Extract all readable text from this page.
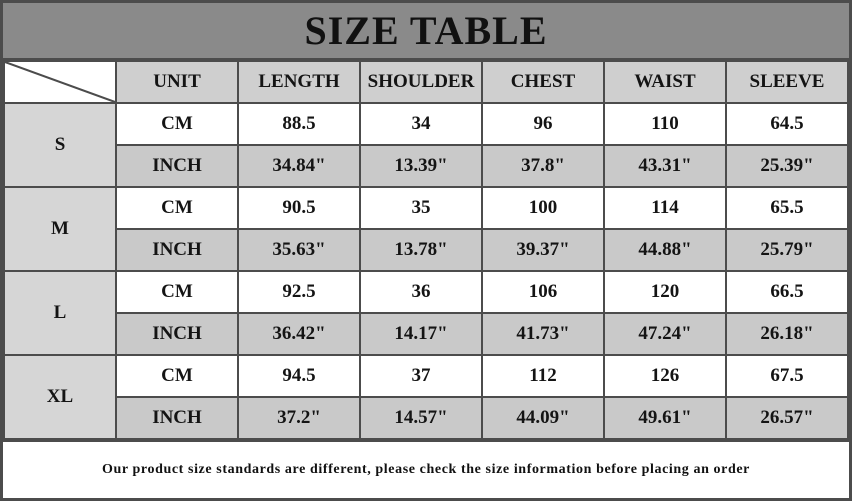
SIZE TABLE
	UNIT	LENGTH	SHOULDER	CHEST	WAIST	SLEEVE
S	CM	88.5	34	96	110	64.5
	INCH	34.84"	13.39"	37.8"	43.31"	25.39"
M	CM	90.5	35	100	114	65.5
	INCH	35.63"	13.78"	39.37"	44.88"	25.79"
L	CM	92.5	36	106	120	66.5
	INCH	36.42"	14.17"	41.73"	47.24"	26.18"
XL	CM	94.5	37	112	126	67.5
	INCH	37.2"	14.57"	44.09"	49.61"	26.57"
Our product size standards are different, please check the size information before placing an order
